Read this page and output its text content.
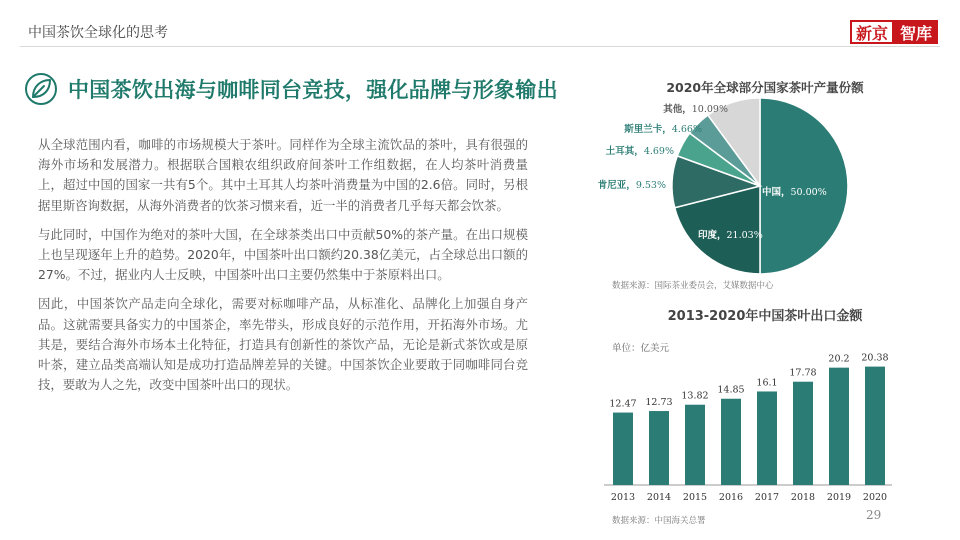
中国茶饮全球化的思考	新京 智库
中国茶饮出海与咖啡同台竞技，强化品牌与形象输出

从全球范围内看，咖啡的市场规模大于茶叶。同样作为全球主流饮品的茶叶，具有很强的海外市场和发展潜力。根据联合国粮农组织政府间茶叶工作组数据，在人均茶叶消费量上，超过中国的国家一共有5个。其中土耳其人均茶叶消费量为中国的2.6倍。同时，另根据里斯咨询数据，从海外消费者的饮茶习惯来看，近一半的消费者几乎每天都会饮茶。

与此同时，中国作为绝对的茶叶大国，在全球茶类出口中贡献50%的茶产量。在出口规模上也呈现逐年上升的趋势。2020年，中国茶叶出口额约20.38亿美元，占全球总出口额的27%。不过，据业内人士反映，中国茶叶出口主要仍然集中于茶原料出口。

因此，中国茶饮产品走向全球化，需要对标咖啡产品，从标准化、品牌化上加强自身产品。这就需要具备实力的中国茶企，率先带头，形成良好的示范作用，开拓海外市场。尤其是，要结合海外市场本土化特征，打造具有创新性的茶饮产品，无论是新式茶饮或是原叶茶，建立品类高端认知是成功打造品牌差异的关键。中国茶饮企业要敢于同咖啡同台竞技，要敢为人之先，改变中国茶叶出口的现状。

2020年全球部分国家茶叶产量份额
中国，50.00%
印度，21.03%
肯尼亚，9.53%
土耳其，4.69%
斯里兰卡，4.66%
其他，10.09%
数据来源：国际茶业委员会，艾媒数据中心
2013-2020年中国茶叶出口金额
单位：亿美元
12.47
2013
12.73
2014
13.82
2015
14.85
2016
16.1
2017
17.78
2018
20.2
2019
20.38
2020
数据来源：中国海关总署	29
